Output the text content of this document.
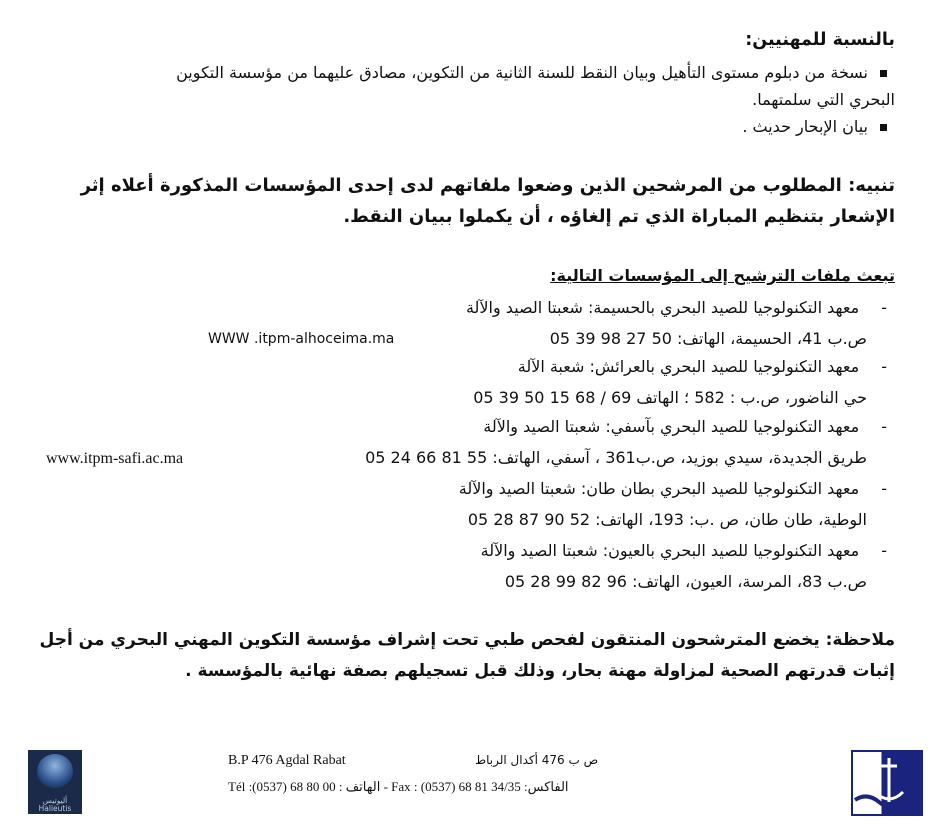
بالنسبة للمهنيين:
نسخة من دبلوم مستوى التأهيل وبيان النقط للسنة الثانية من التكوين، مصادق عليهما من مؤسسة التكوين
البحري التي سلمتهما.
بيان الإبحار حديث .
تنبيه: المطلوب من المرشحين الذين وضعوا ملفاتهم لدى إحدى المؤسسات المذكورة أعلاه إثر
الإشعار بتنظيم المباراة الذي تم إلغاؤه ، أن يكملوا ببيان النقط.
تبعث ملفات الترشيح إلى المؤسسات التالية:
-معهد التكنولوجيا للصيد البحري بالحسيمة: شعبتا الصيد والآلة
ص.ب 41، الحسيمة، الهاتف: 50 27 98 39 05
WWW .itpm-alhoceima.ma
-معهد التكنولوجيا للصيد البحري بالعرائش: شعبة الآلة
حي الناضور، ص.ب : 582 ؛ الهاتف 69 / 68 15 50 39 05
-معهد التكنولوجيا للصيد البحري بآسفي: شعبتا الصيد والآلة
طريق الجديدة، سيدي بوزيد، ص.ب361 ، آسفي، الهاتف: 55 81 66 24 05
www.itpm-safi.ac.ma
-معهد التكنولوجيا للصيد البحري بطان طان: شعبتا الصيد والآلة
الوطية، طان طان، ص .ب: 193، الهاتف: 52 90 87 28 05
-معهد التكنولوجيا للصيد البحري بالعيون: شعبتا الصيد والآلة
ص.ب 83، المرسة، العيون، الهاتف: 96 82 99 28 05
ملاحظة: يخضع المترشحون المنتقون لفحص طبي تحت إشراف مؤسسة التكوين المهني البحري من أجل
إثبات قدرتهم الصحية لمزاولة مهنة بحار، وذلك قبل تسجيلهم بصفة نهائية بالمؤسسة .
أليوتيس Halieutis
B.P 476 Agdal Rabat	ص ب 476 أكدال الرباط
Tél :(0537) 68 80 00 : الهاتف - Fax : (0537) 68 81 34/35 :الفاكس
